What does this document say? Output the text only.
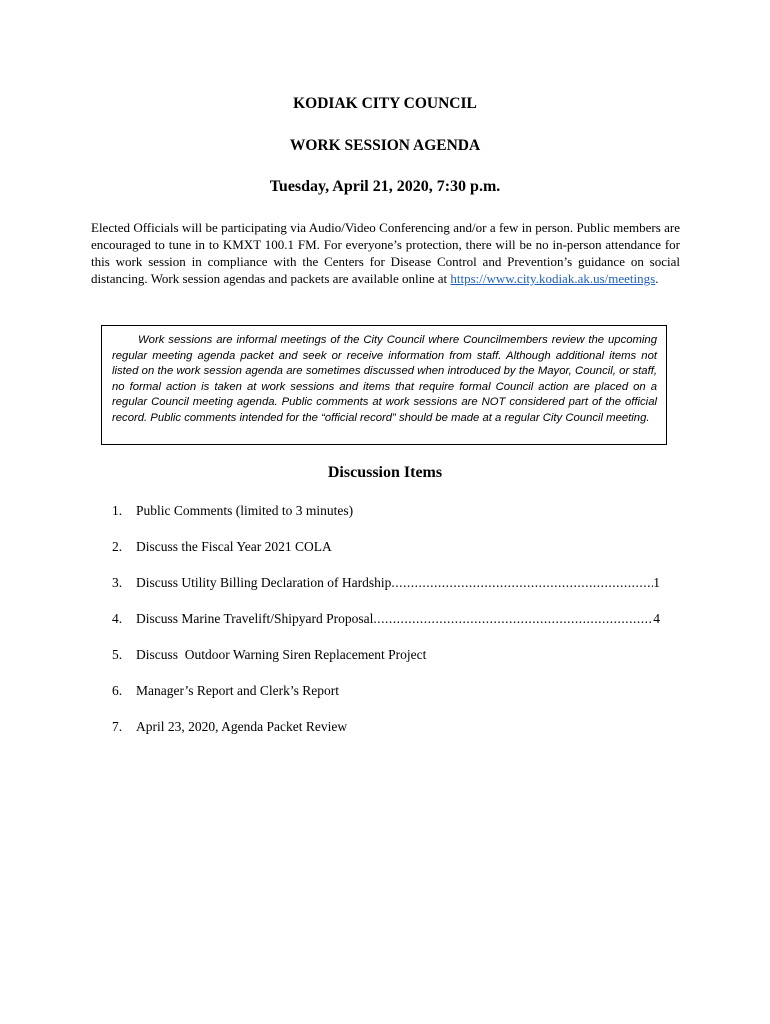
KODIAK CITY COUNCIL
WORK SESSION AGENDA
Tuesday, April 21, 2020, 7:30 p.m.
Elected Officials will be participating via Audio/Video Conferencing and/or a few in person. Public members are encouraged to tune in to KMXT 100.1 FM. For everyone’s protection, there will be no in-person attendance for this work session in compliance with the Centers for Disease Control and Prevention’s guidance on social distancing. Work session agendas and packets are available online at https://www.city.kodiak.ak.us/meetings.

Work sessions are informal meetings of the City Council where Councilmembers review the upcoming regular meeting agenda packet and seek or receive information from staff. Although additional items not listed on the work session agenda are sometimes discussed when introduced by the Mayor, Council, or staff, no formal action is taken at work sessions and items that require formal Council action are placed on a regular Council meeting agenda. Public comments at work sessions are NOT considered part of the official record. Public comments intended for the “official record” should be made at a regular City Council meeting.

Discussion Items
1.	Public Comments (limited to 3 minutes)
2.	Discuss the Fiscal Year 2021 COLA
3.	Discuss Utility Billing Declaration of Hardship .....	1
4.	Discuss Marine Travelift/Shipyard Proposal .....	4
5.	Discuss  Outdoor Warning Siren Replacement Project
6.	Manager’s Report and Clerk’s Report
7.	April 23, 2020, Agenda Packet Review
